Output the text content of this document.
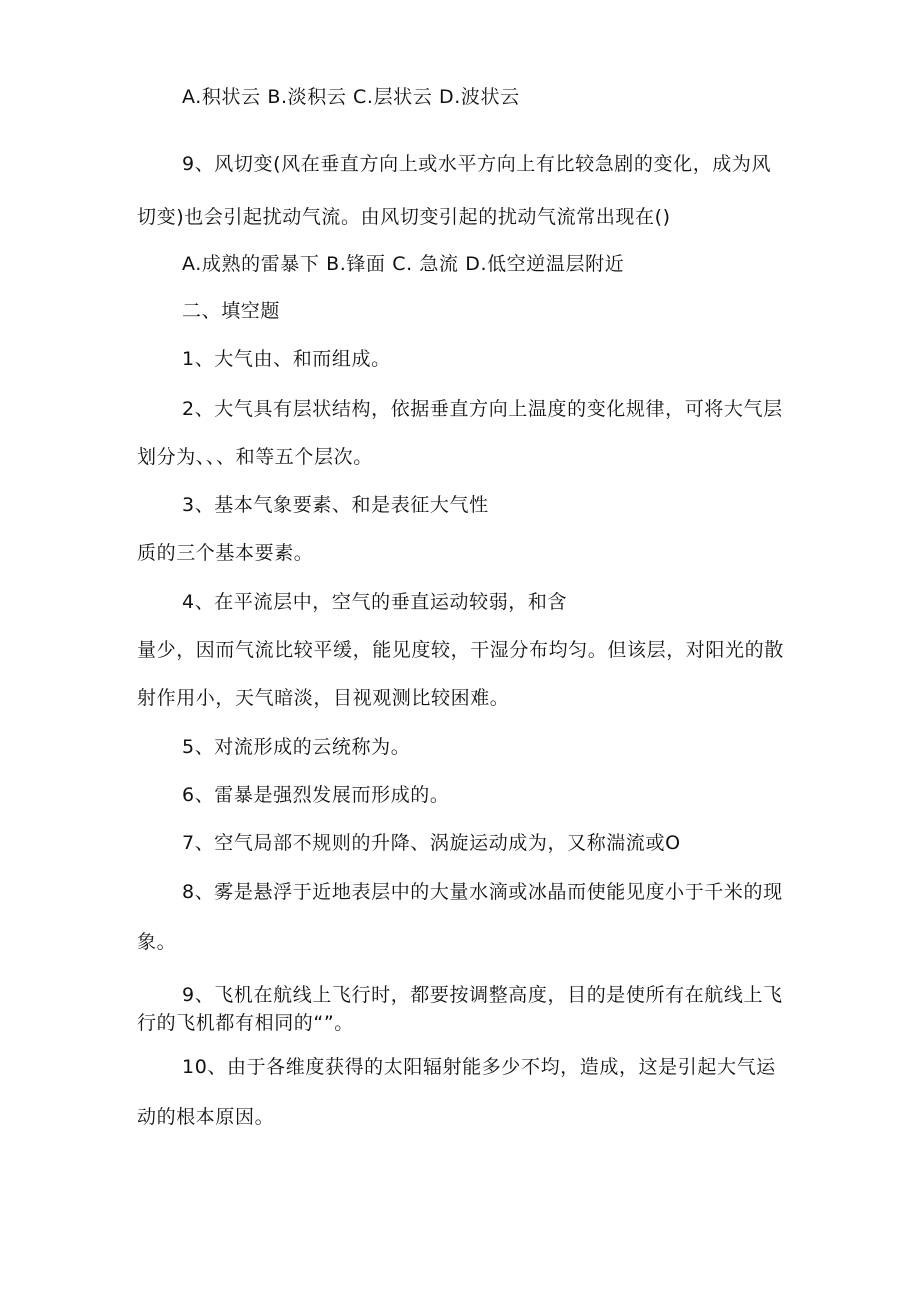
A.积状云 B.淡积云 C.层状云 D.波状云

9、风切变(风在垂直方向上或水平方向上有比较急剧的变化，成为风

切变)也会引起扰动气流。由风切变引起的扰动气流常出现在()

A.成熟的雷暴下 B.锋面 C. 急流 D.低空逆温层附近

二、填空题

1、大气由、和而组成。

2、大气具有层状结构，依据垂直方向上温度的变化规律，可将大气层

划分为、、、和等五个层次。

3、基本气象要素、和是表征大气性

质的三个基本要素。

4、在平流层中，空气的垂直运动较弱，和含

量少，因而气流比较平缓，能见度较，干湿分布均匀。但该层，对阳光的散

射作用小，天气暗淡，目视观测比较困难。

5、对流形成的云统称为。

6、雷暴是强烈发展而形成的。

7、空气局部不规则的升降、涡旋运动成为，又称湍流或O

8、雾是悬浮于近地表层中的大量水滴或冰晶而使能见度小于千米的现

象。

9、飞机在航线上飞行时，都要按调整高度，目的是使所有在航线上飞

行的飞机都有相同的“”。

10、由于各维度获得的太阳辐射能多少不均，造成，这是引起大气运

动的根本原因。
